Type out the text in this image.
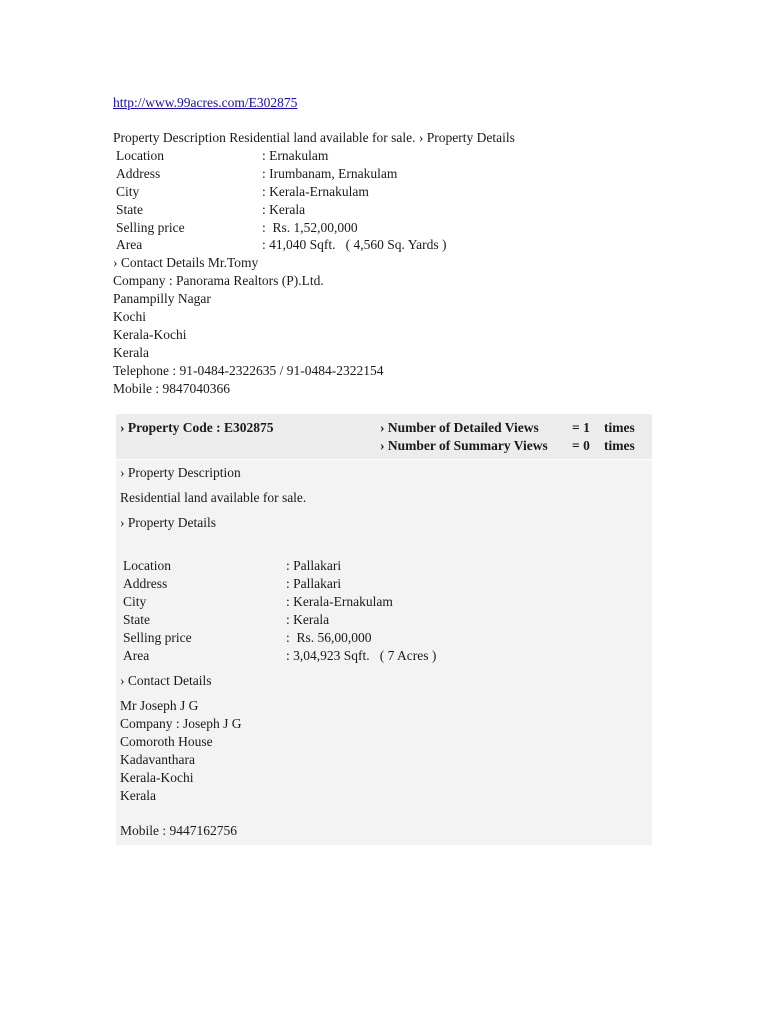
http://www.99acres.com/E302875
Property Description Residential land available for sale. › Property Details
Location	: Ernakulam
Address	: Irumbanam, Ernakulam
City	: Kerala-Ernakulam
State	: Kerala
Selling price	:  Rs. 1,52,00,000
Area	: 41,040 Sqft.   ( 4,560 Sq. Yards )
› Contact Details Mr.Tomy
Company : Panorama Realtors (P).Ltd.
Panampilly Nagar
Kochi
Kerala-Kochi
Kerala
Telephone : 91-0484-2322635 / 91-0484-2322154
Mobile : 9847040366
› Property Code : E302875	› Number of Detailed Views	= 1	times
› Number of Summary Views	= 0	times
› Property Description
Residential land available for sale.
› Property Details
Location	: Pallakari
Address	: Pallakari
City	: Kerala-Ernakulam
State	: Kerala
Selling price	:  Rs. 56,00,000
Area	: 3,04,923 Sqft.   ( 7 Acres )
› Contact Details
Mr Joseph J G
Company : Joseph J G
Comoroth House
Kadavanthara
Kerala-Kochi
Kerala
Mobile : 9447162756
